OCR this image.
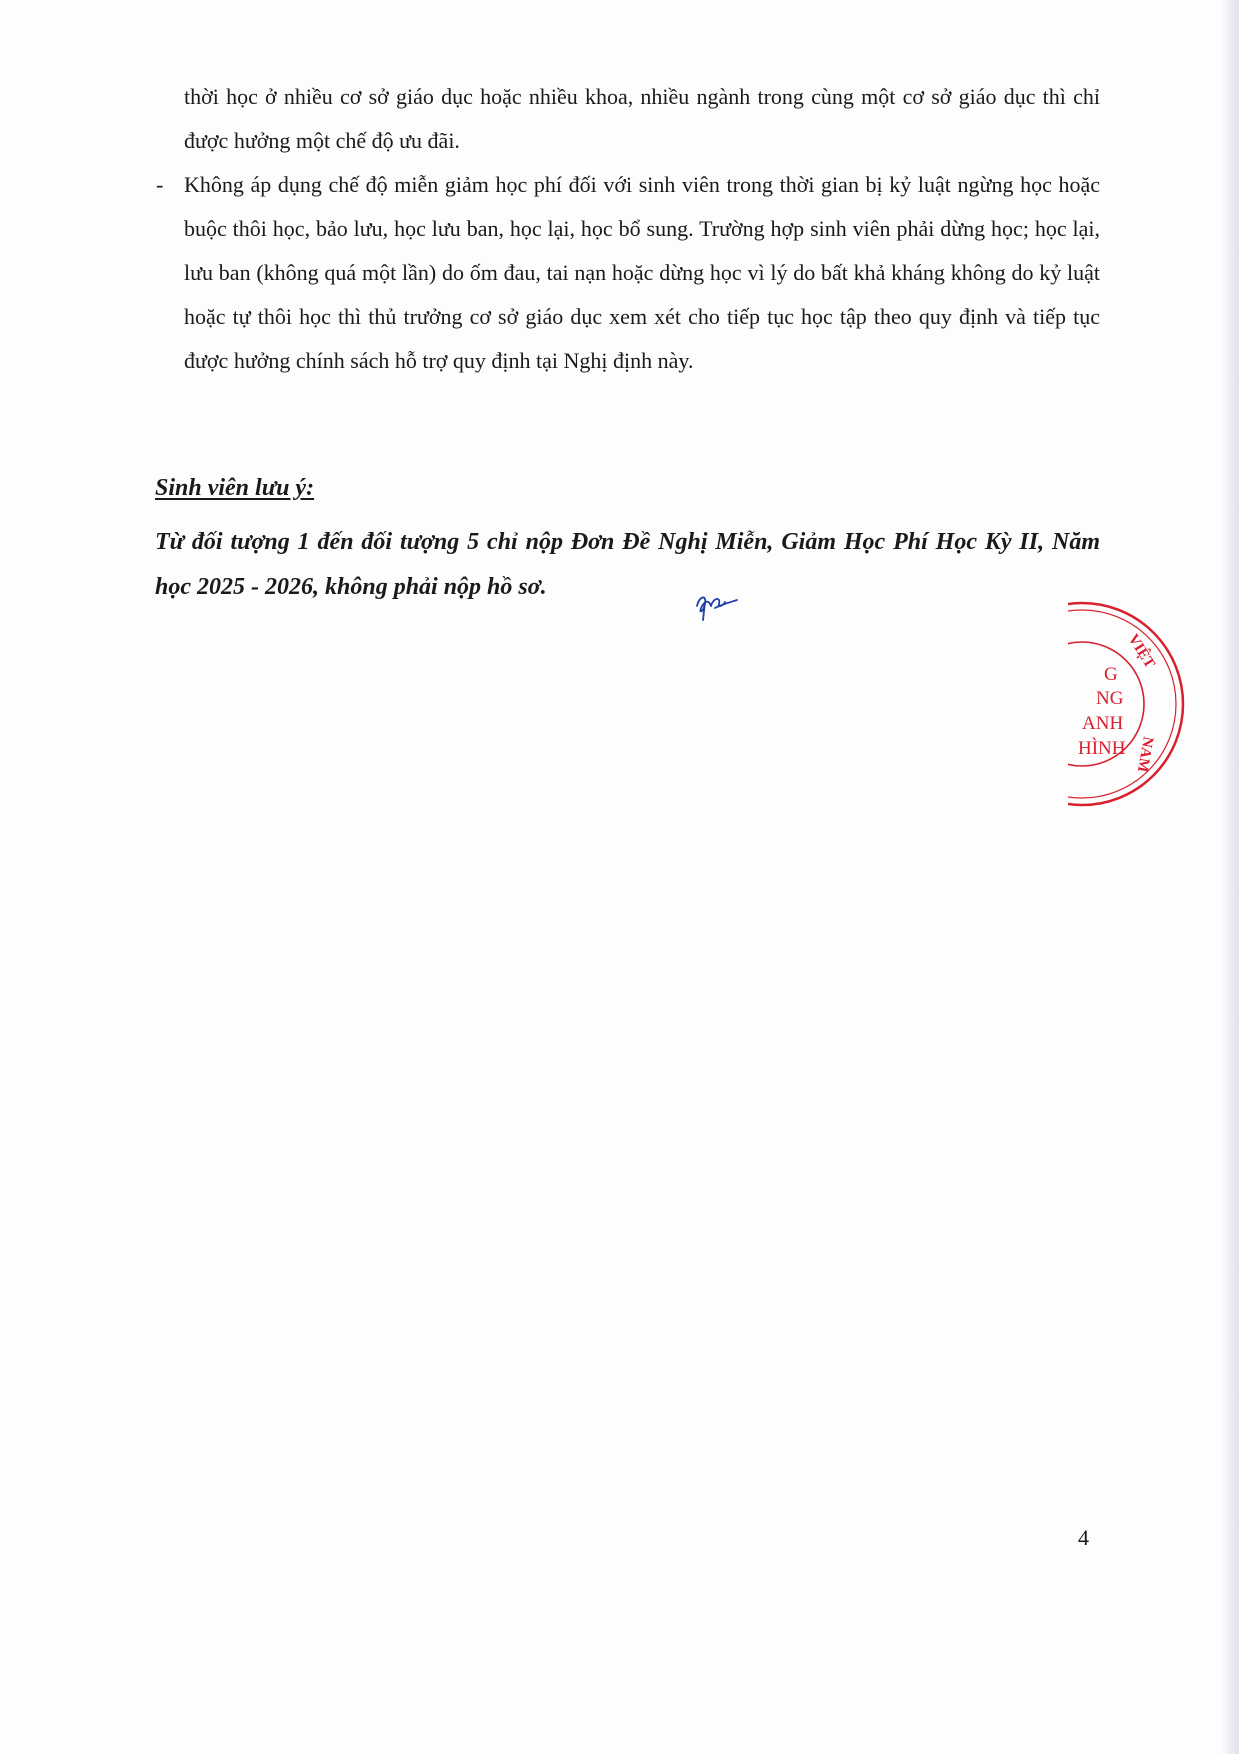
thời học ở nhiều cơ sở giáo dục hoặc nhiều khoa, nhiều ngành trong cùng một cơ sở giáo dục thì chỉ được hưởng một chế độ ưu đãi.

- Không áp dụng chế độ miễn giảm học phí đối với sinh viên trong thời gian bị kỷ luật ngừng học hoặc buộc thôi học, bảo lưu, học lưu ban, học lại, học bổ sung. Trường hợp sinh viên phải dừng học; học lại, lưu ban (không quá một lần) do ốm đau, tai nạn hoặc dừng học vì lý do bất khả kháng không do kỷ luật hoặc tự thôi học thì thủ trưởng cơ sở giáo dục xem xét cho tiếp tục học tập theo quy định và tiếp tục được hưởng chính sách hỗ trợ quy định tại Nghị định này.

Sinh viên lưu ý:

Từ đối tượng 1 đến đối tượng 5 chỉ nộp Đơn Đề Nghị Miễn, Giảm Học Phí Học Kỳ II, Năm học 2025 - 2026, không phải nộp hồ sơ.

G
NG
ANH
HÌNH
VIỆT
NAM

4
